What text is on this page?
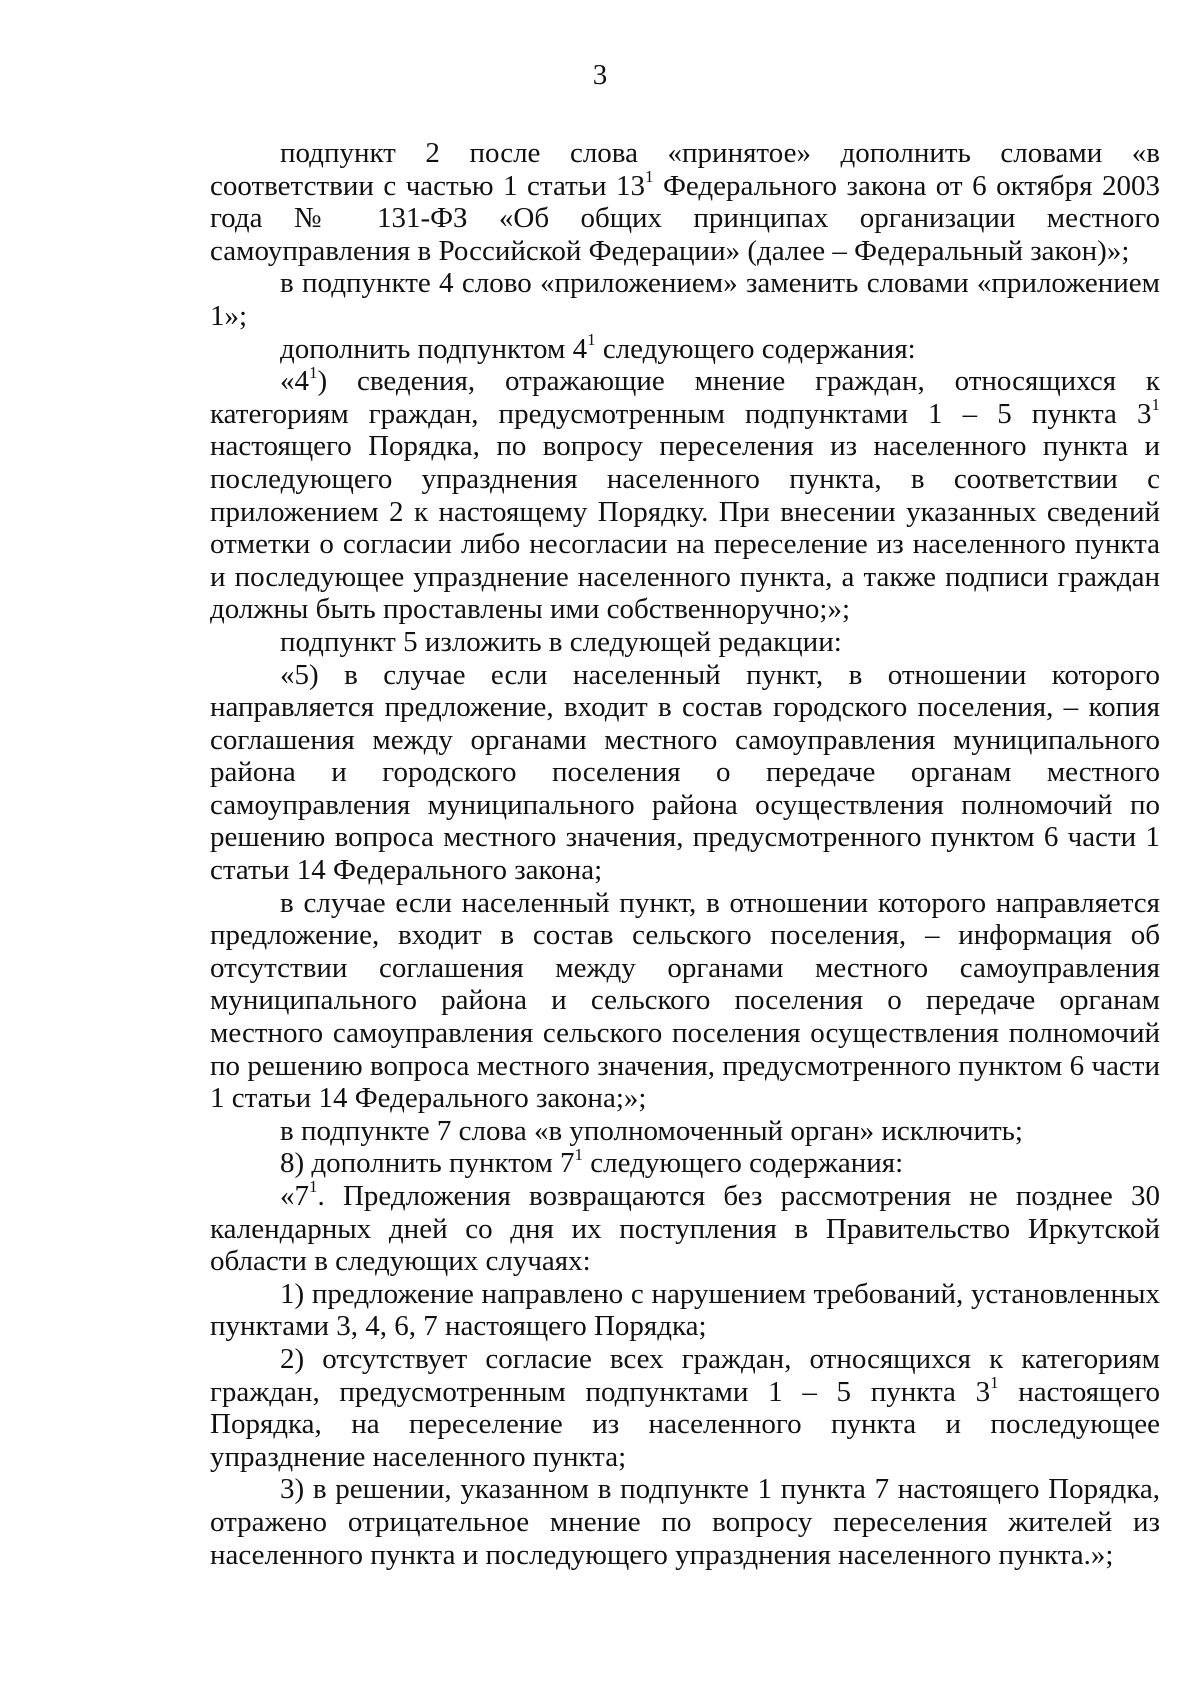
3

подпункт 2 после слова «принятое» дополнить словами «в соответствии с частью 1 статьи $13^1$ Федерального закона от 6 октября 2003 года № 131-ФЗ «Об общих принципах организации местного самоуправления в Российской Федерации» (далее – Федеральный закон)»;

в подпункте 4 слово «приложением» заменить словами «приложением 1»;

дополнить подпунктом $4^1$ следующего содержания:

«$4^1$) сведения, отражающие мнение граждан, относящихся к категориям граждан, предусмотренным подпунктами 1 – 5 пункта $3^1$ настоящего Порядка, по вопросу переселения из населенного пункта и последующего упразднения населенного пункта, в соответствии с приложением 2 к настоящему Порядку. При внесении указанных сведений отметки о согласии либо несогласии на переселение из населенного пункта и последующее упразднение населенного пункта, а также подписи граждан должны быть проставлены ими собственноручно;»;

подпункт 5 изложить в следующей редакции:

«5) в случае если населенный пункт, в отношении которого направляется предложение, входит в состав городского поселения, – копия соглашения между органами местного самоуправления муниципального района и городского поселения о передаче органам местного самоуправления муниципального района осуществления полномочий по решению вопроса местного значения, предусмотренного пунктом 6 части 1 статьи 14 Федерального закона;

в случае если населенный пункт, в отношении которого направляется предложение, входит в состав сельского поселения, – информация об отсутствии соглашения между органами местного самоуправления муниципального района и сельского поселения о передаче органам местного самоуправления сельского поселения осуществления полномочий по решению вопроса местного значения, предусмотренного пунктом 6 части 1 статьи 14 Федерального закона;»;

в подпункте 7 слова «в уполномоченный орган» исключить;

8) дополнить пунктом $7^1$ следующего содержания:

«$7^1$. Предложения возвращаются без рассмотрения не позднее 30 календарных дней со дня их поступления в Правительство Иркутской области в следующих случаях:

1) предложение направлено с нарушением требований, установленных пунктами 3, 4, 6, 7 настоящего Порядка;

2) отсутствует согласие всех граждан, относящихся к категориям граждан, предусмотренным подпунктами 1 – 5 пункта $3^1$ настоящего Порядка, на переселение из населенного пункта и последующее упразднение населенного пункта;

3) в решении, указанном в подпункте 1 пункта 7 настоящего Порядка, отражено отрицательное мнение по вопросу переселения жителей из населенного пункта и последующего упразднения населенного пункта.»;
